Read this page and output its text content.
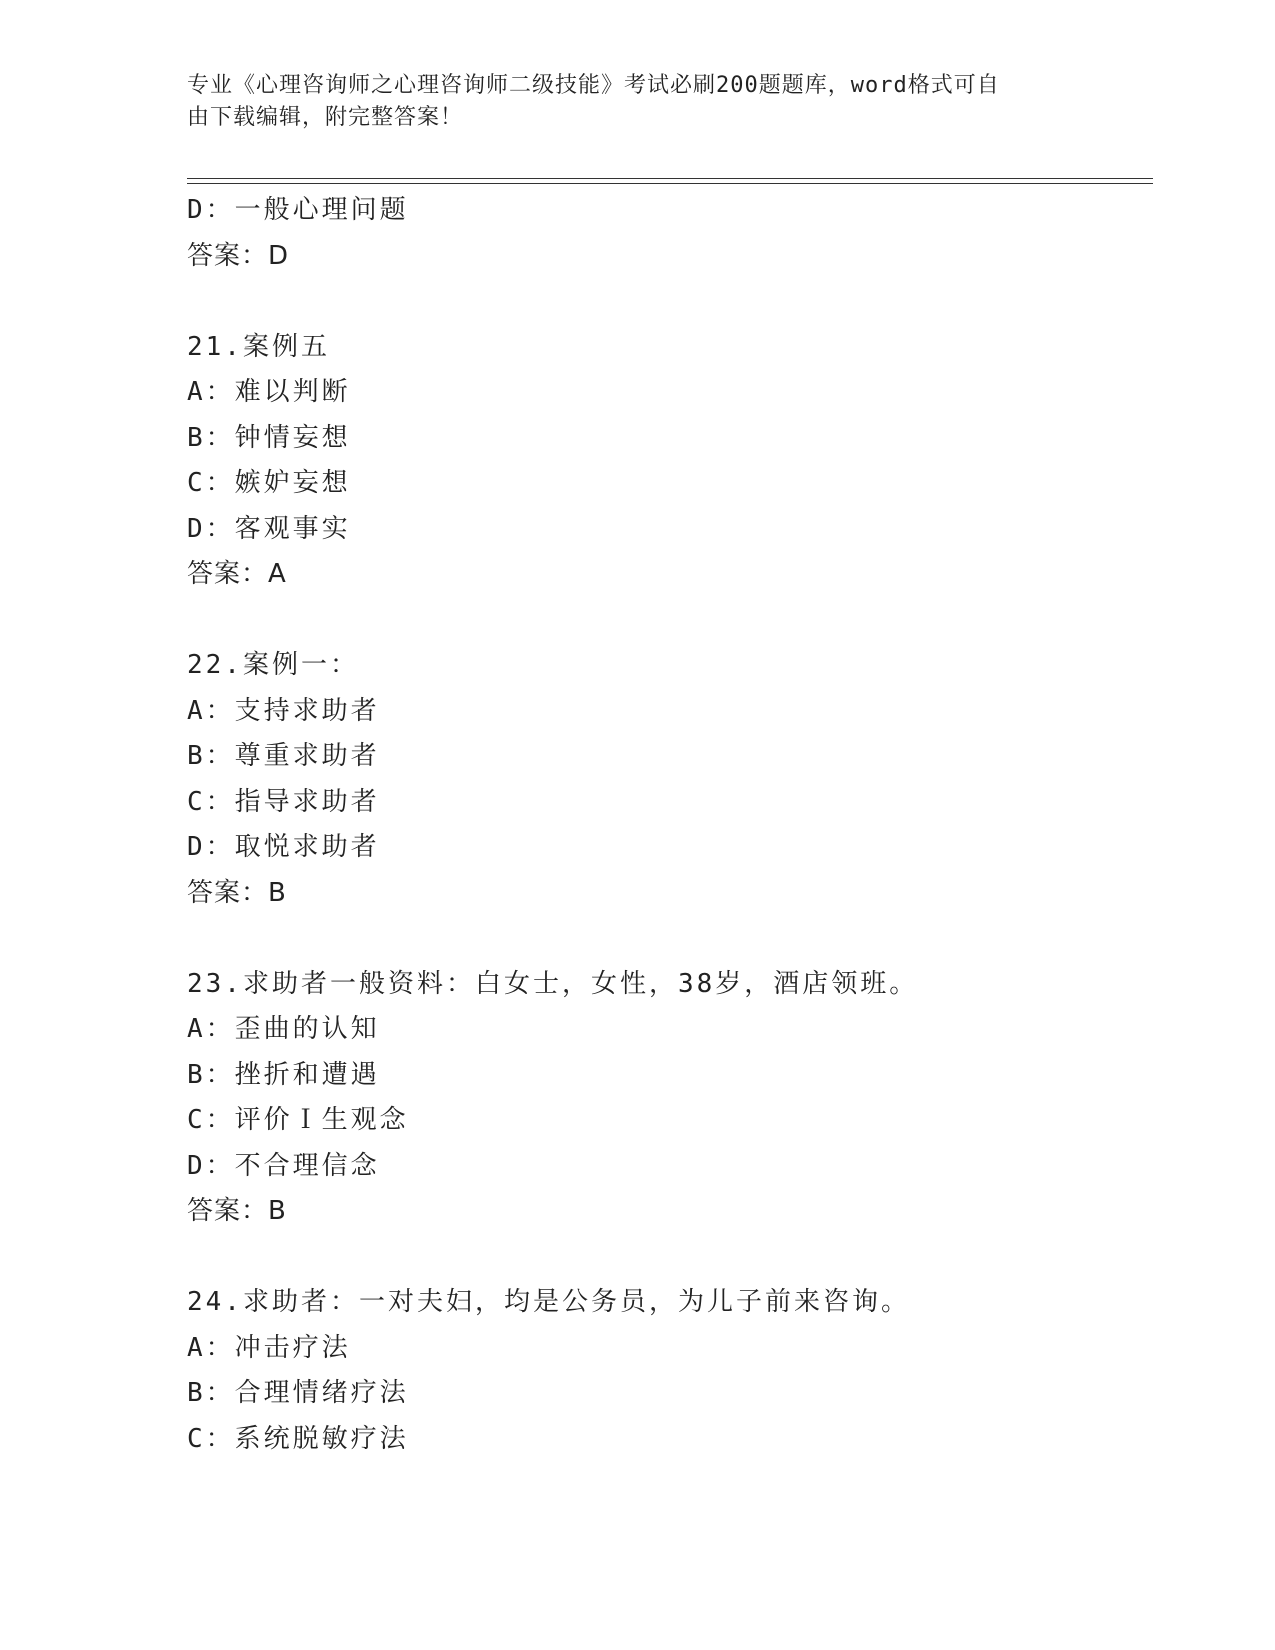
专业《心理咨询师之心理咨询师二级技能》考试必刷200题题库，word格式可自
由下载编辑，附完整答案！
D：一般心理问题
答案：D
21.案例五
A：难以判断
B：钟情妄想
C：嫉妒妄想
D：客观事实
答案：A
22.案例一：
A：支持求助者
B：尊重求助者
C：指导求助者
D：取悦求助者
答案：B
23.求助者一般资料：白女士，女性，38岁，酒店领班。
A：歪曲的认知
B：挫折和遭遇
C：评价Ｉ生观念
D：不合理信念
答案：B
24.求助者：一对夫妇，均是公务员，为儿子前来咨询。
A：冲击疗法
B：合理情绪疗法
C：系统脱敏疗法
